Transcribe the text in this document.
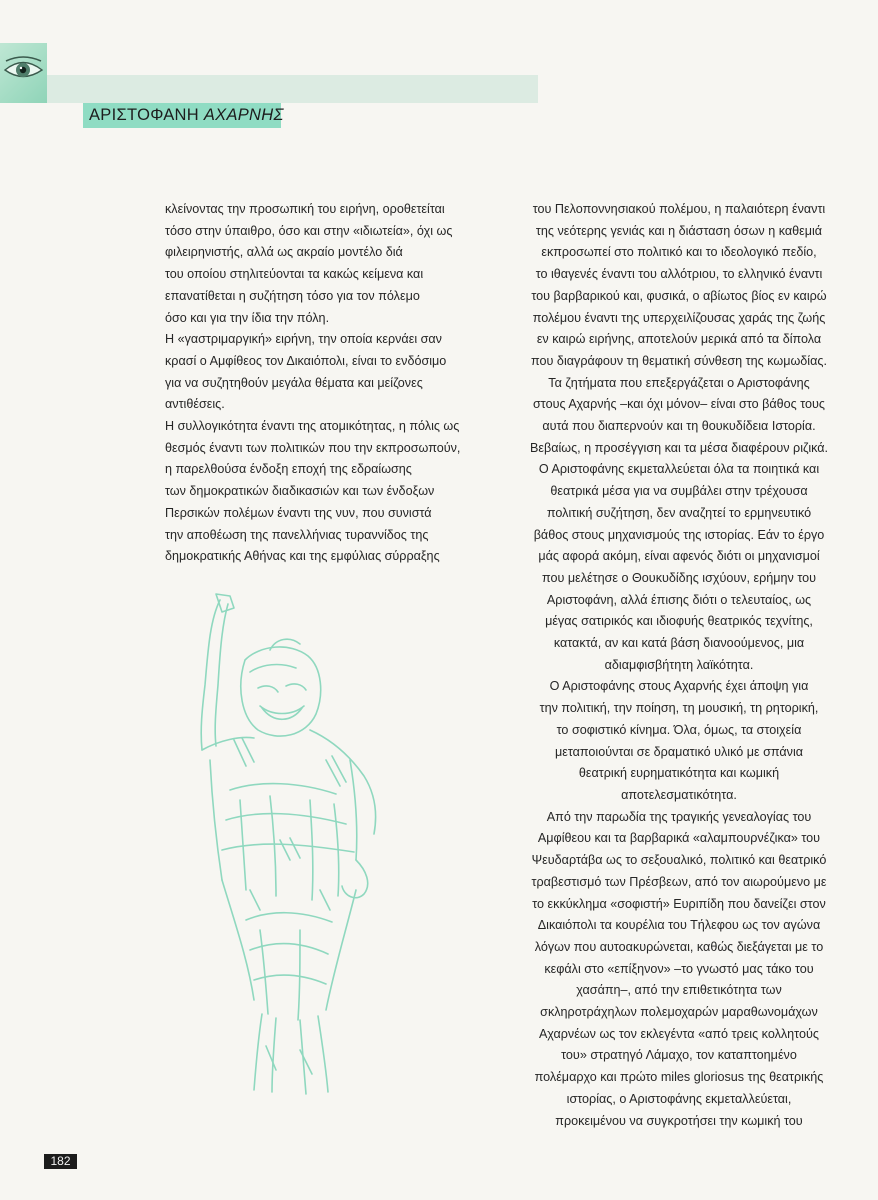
ΑΡΙΣΤΟΦΑΝΗ ΑΧΑΡΝΗΣ

κλείνοντας την προσωπική του ειρήνη, οροθετείται

τόσο στην ύπαιθρο, όσο και στην «ιδιωτεία», όχι ως

φιλειρηνιστής, αλλά ως ακραίο μοντέλο διά

του οποίου στηλιτεύονται τα κακώς κείμενα και

επανατίθεται η συζήτηση τόσο για τον πόλεμο

όσο και για την ίδια την πόλη.

Η «γαστριμαργική» ειρήνη, την οποία κερνάει σαν

κρασί ο Αμφίθεος τον Δικαιόπολι, είναι το ενδόσιμο

για να συζητηθούν μεγάλα θέματα και μείζονες

αντιθέσεις.

Η συλλογικότητα έναντι της ατομικότητας, η πόλις ως

θεσμός έναντι των πολιτικών που την εκπροσωπούν,

η παρελθούσα ένδοξη εποχή της εδραίωσης

των δημοκρατικών διαδικασιών και των ένδοξων

Περσικών πολέμων έναντι της νυν, που συνιστά

την αποθέωση της πανελλήνιας τυραννίδος της

δημοκρατικής Αθήνας και της εμφύλιας σύρραξης

του Πελοποννησιακού πολέμου, η παλαιότερη έναντι

της νεότερης γενιάς και η διάσταση όσων η καθεμιά

εκπροσωπεί στο πολιτικό και το ιδεολογικό πεδίο,

το ιθαγενές έναντι του αλλότριου, το ελληνικό έναντι

του βαρβαρικού και, φυσικά, ο αβίωτος βίος εν καιρώ

πολέμου έναντι της υπερχειλίζουσας χαράς της ζωής

εν καιρώ ειρήνης, αποτελούν μερικά από τα δίπολα

που διαγράφουν τη θεματική σύνθεση της κωμωδίας.

Τα ζητήματα που επεξεργάζεται ο Αριστοφάνης

στους Αχαρνής –και όχι μόνον– είναι στο βάθος τους

αυτά που διαπερνούν και τη θουκυδίδεια Ιστορία.

Βεβαίως, η προσέγγιση και τα μέσα διαφέρουν ριζικά.

Ο Αριστοφάνης εκμεταλλεύεται όλα τα ποιητικά και

θεατρικά μέσα για να συμβάλει στην τρέχουσα

πολιτική συζήτηση, δεν αναζητεί το ερμηνευτικό

βάθος στους μηχανισμούς της ιστορίας. Εάν το έργο

μάς αφορά ακόμη, είναι αφενός διότι οι μηχανισμοί

που μελέτησε ο Θουκυδίδης ισχύουν, ερήμην του

Αριστοφάνη, αλλά έπισης διότι ο τελευταίος, ως

μέγας σατιρικός και ιδιοφυής θεατρικός τεχνίτης,

κατακτά, αν και κατά βάση διανοούμενος, μια

αδιαμφισβήτητη λαϊκότητα.

Ο Αριστοφάνης στους Αχαρνής έχει άποψη για

την πολιτική, την ποίηση, τη μουσική, τη ρητορική,

το σοφιστικό κίνημα. Όλα, όμως, τα στοιχεία

μεταποιούνται σε δραματικό υλικό με σπάνια

θεατρική ευρηματικότητα και κωμική

αποτελεσματικότητα.

Από την παρωδία της τραγικής γενεαλογίας του

Αμφίθεου και τα βαρβαρικά «αλαμπουρνέζικα» του

Ψευδαρτάβα ως το σεξουαλικό, πολιτικό και θεατρικό

τραβεστισμό των Πρέσβεων, από τον αιωρούμενο με

το εκκύκλημα «σοφιστή» Ευριπίδη που δανείζει στον

Δικαιόπολι τα κουρέλια του Τήλεφου ως τον αγώνα

λόγων που αυτοακυρώνεται, καθώς διεξάγεται με το

κεφάλι στο «επίξηνον» –το γνωστό μας τάκο του

χασάπη–, από την επιθετικότητα των

σκληροτράχηλων πολεμοχαρών μαραθωνομάχων

Αχαρνέων ως τον εκλεγέντα «από τρεις κολλητούς

του» στρατηγό Λάμαχο, τον καταπτοημένο

πολέμαρχο και πρώτο miles gloriosus της θεατρικής

ιστορίας, ο Αριστοφάνης εκμεταλλεύεται,

προκειμένου να συγκροτήσει την κωμική του

182
